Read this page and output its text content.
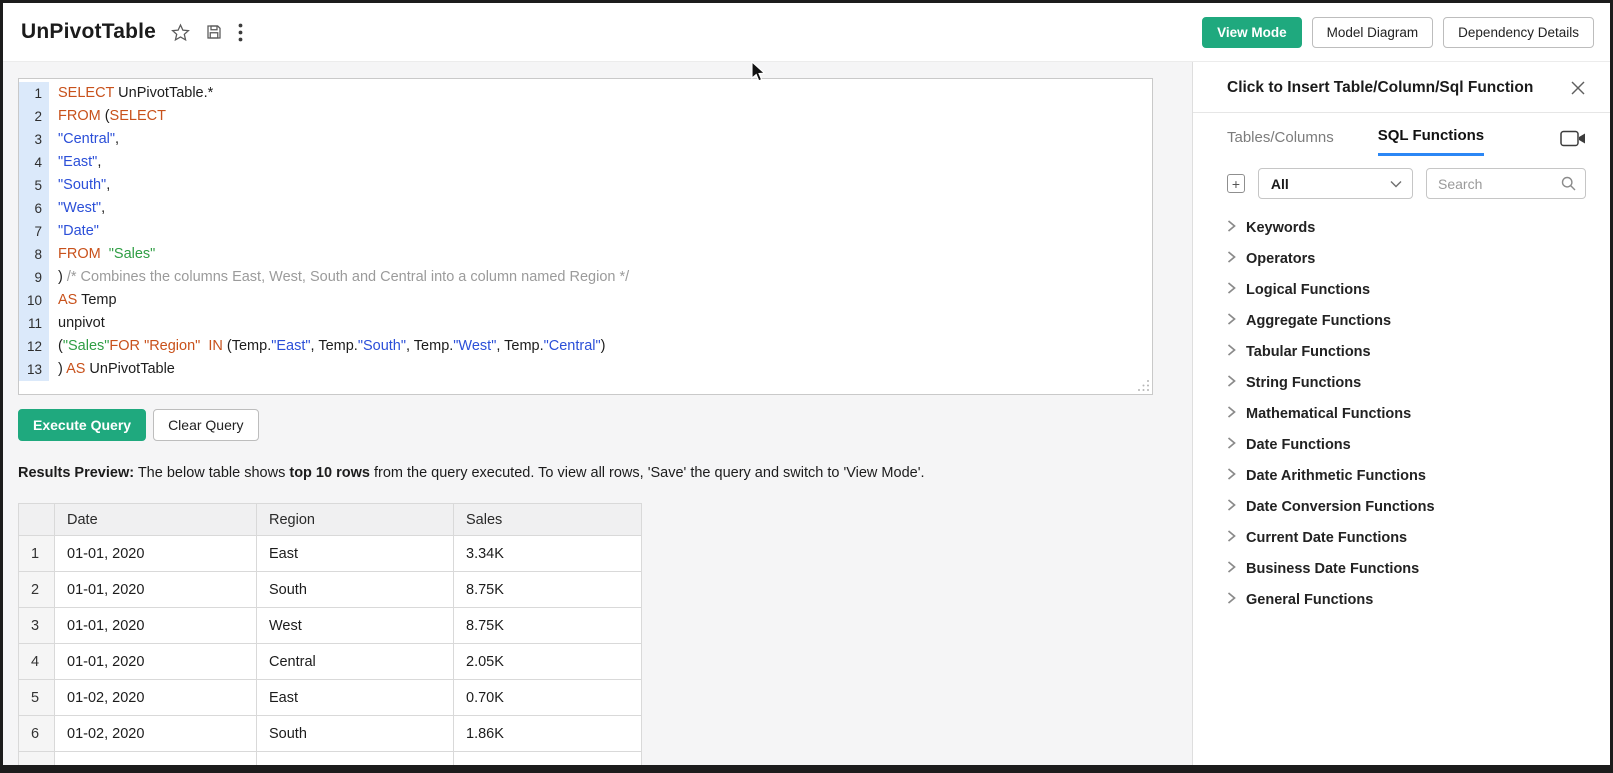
UnPivotTable	View Mode	Model Diagram	Dependency Details
1	SELECT UnPivotTable.*
2	FROM (SELECT
3	"Central",
4	"East",
5	"South",
6	"West",
7	"Date"
8	FROM "Sales"
9	) /* Combines the columns East, West, South and Central into a column named Region */
10	AS Temp
11	unpivot
12	("Sales"FOR "Region" IN (Temp."East", Temp."South", Temp."West", Temp."Central")
13	) AS UnPivotTable
Execute Query	Clear Query
Results Preview: The below table shows top 10 rows from the query executed. To view all rows, 'Save' the query and switch to 'View Mode'.
	Date	Region	Sales
1	01-01, 2020	East	3.34K
2	01-01, 2020	South	8.75K
3	01-01, 2020	West	8.75K
4	01-01, 2020	Central	2.05K
5	01-02, 2020	East	0.70K
6	01-02, 2020	South	1.86K

Click to Insert Table/Column/Sql Function
Tables/Columns	SQL Functions
+	All
Search
Keywords
Operators
Logical Functions
Aggregate Functions
Tabular Functions
String Functions
Mathematical Functions
Date Functions
Date Arithmetic Functions
Date Conversion Functions
Current Date Functions
Business Date Functions
General Functions
